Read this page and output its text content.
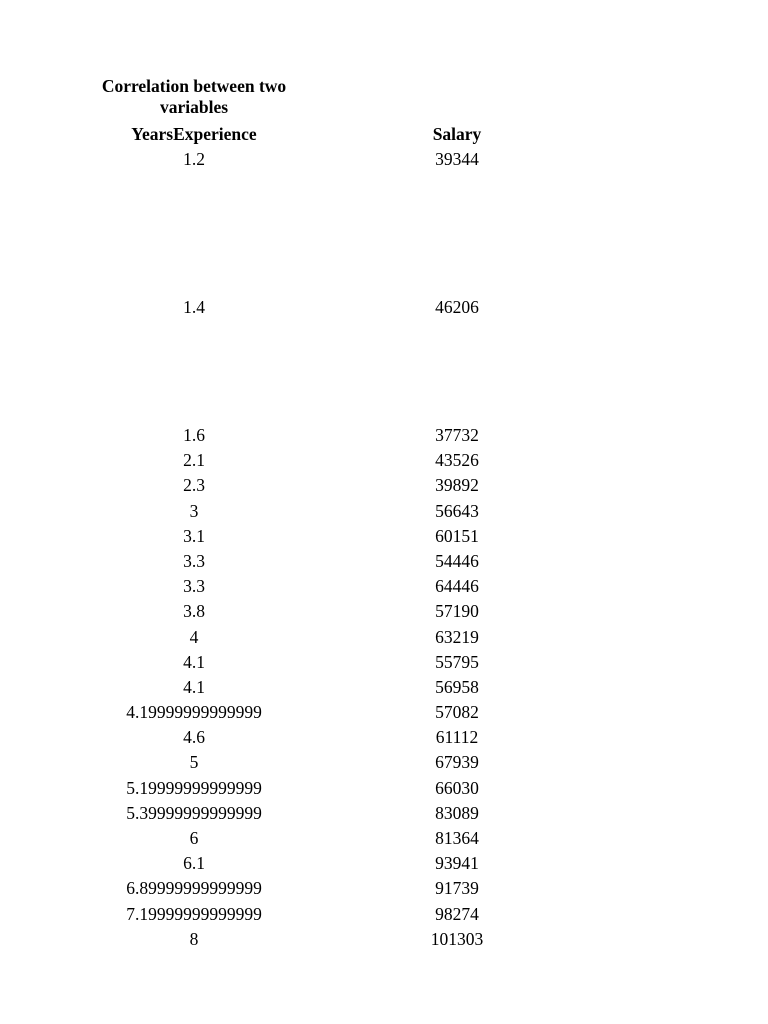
Correlation between two variables
YearsExperience	Salary
1.2	39344
1.4	46206
1.6	37732
2.1	43526
2.3	39892
3	56643
3.1	60151
3.3	54446
3.3	64446
3.8	57190
4	63219
4.1	55795
4.1	56958
4.19999999999999	57082
4.6	61112
5	67939
5.19999999999999	66030
5.39999999999999	83089
6	81364
6.1	93941
6.89999999999999	91739
7.19999999999999	98274
8	101303
